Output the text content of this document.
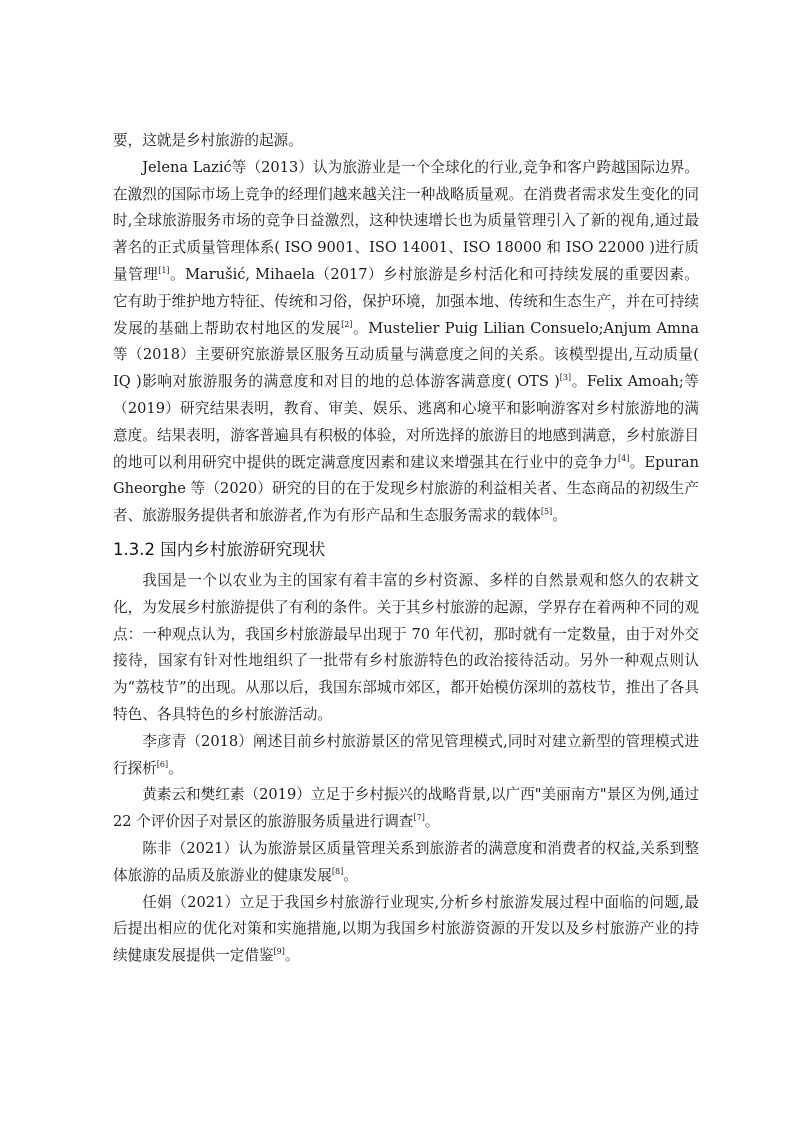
要，这就是乡村旅游的起源。

Jelena Lazić等（2013）认为旅游业是一个全球化的行业,竞争和客户跨越国际边界。在激烈的国际市场上竞争的经理们越来越关注一种战略质量观。在消费者需求发生变化的同时,全球旅游服务市场的竞争日益激烈，这种快速增长也为质量管理引入了新的视角,通过最著名的正式质量管理体系( ISO 9001、ISO 14001、ISO 18000 和 ISO 22000 )进行质量管理[1]。Marušić, Mihaela（2017）乡村旅游是乡村活化和可持续发展的重要因素。它有助于维护地方特征、传统和习俗，保护环境，加强本地、传统和生态生产，并在可持续发展的基础上帮助农村地区的发展[2]。Mustelier Puig Lilian Consuelo;Anjum Amna 等（2018）主要研究旅游景区服务互动质量与满意度之间的关系。该模型提出,互动质量( IQ )影响对旅游服务的满意度和对目的地的总体游客满意度( OTS )[3]。Felix Amoah;等（2019）研究结果表明，教育、审美、娱乐、逃离和心境平和影响游客对乡村旅游地的满意度。结果表明，游客普遍具有积极的体验，对所选择的旅游目的地感到满意，乡村旅游目的地可以利用研究中提供的既定满意度因素和建议来增强其在行业中的竞争力[4]。Epuran Gheorghe 等（2020）研究的目的在于发现乡村旅游的利益相关者、生态商品的初级生产者、旅游服务提供者和旅游者,作为有形产品和生态服务需求的载体[5]。

1.3.2 国内乡村旅游研究现状

我国是一个以农业为主的国家有着丰富的乡村资源、多样的自然景观和悠久的农耕文化，为发展乡村旅游提供了有利的条件。关于其乡村旅游的起源，学界存在着两种不同的观点：一种观点认为，我国乡村旅游最早出现于 70 年代初，那时就有一定数量，由于对外交接待，国家有针对性地组织了一批带有乡村旅游特色的政治接待活动。另外一种观点则认为“荔枝节”的出现。从那以后，我国东部城市郊区，都开始模仿深圳的荔枝节，推出了各具特色、各具特色的乡村旅游活动。

李彦青（2018）阐述目前乡村旅游景区的常见管理模式,同时对建立新型的管理模式进行探析[6]。

黄素云和樊红素（2019）立足于乡村振兴的战略背景,以广西"美丽南方"景区为例,通过 22 个评价因子对景区的旅游服务质量进行调查[7]。

陈非（2021）认为旅游景区质量管理关系到旅游者的满意度和消费者的权益,关系到整体旅游的品质及旅游业的健康发展[8]。

任娟（2021）立足于我国乡村旅游行业现实,分析乡村旅游发展过程中面临的问题,最后提出相应的优化对策和实施措施,以期为我国乡村旅游资源的开发以及乡村旅游产业的持续健康发展提供一定借鉴[9]。
